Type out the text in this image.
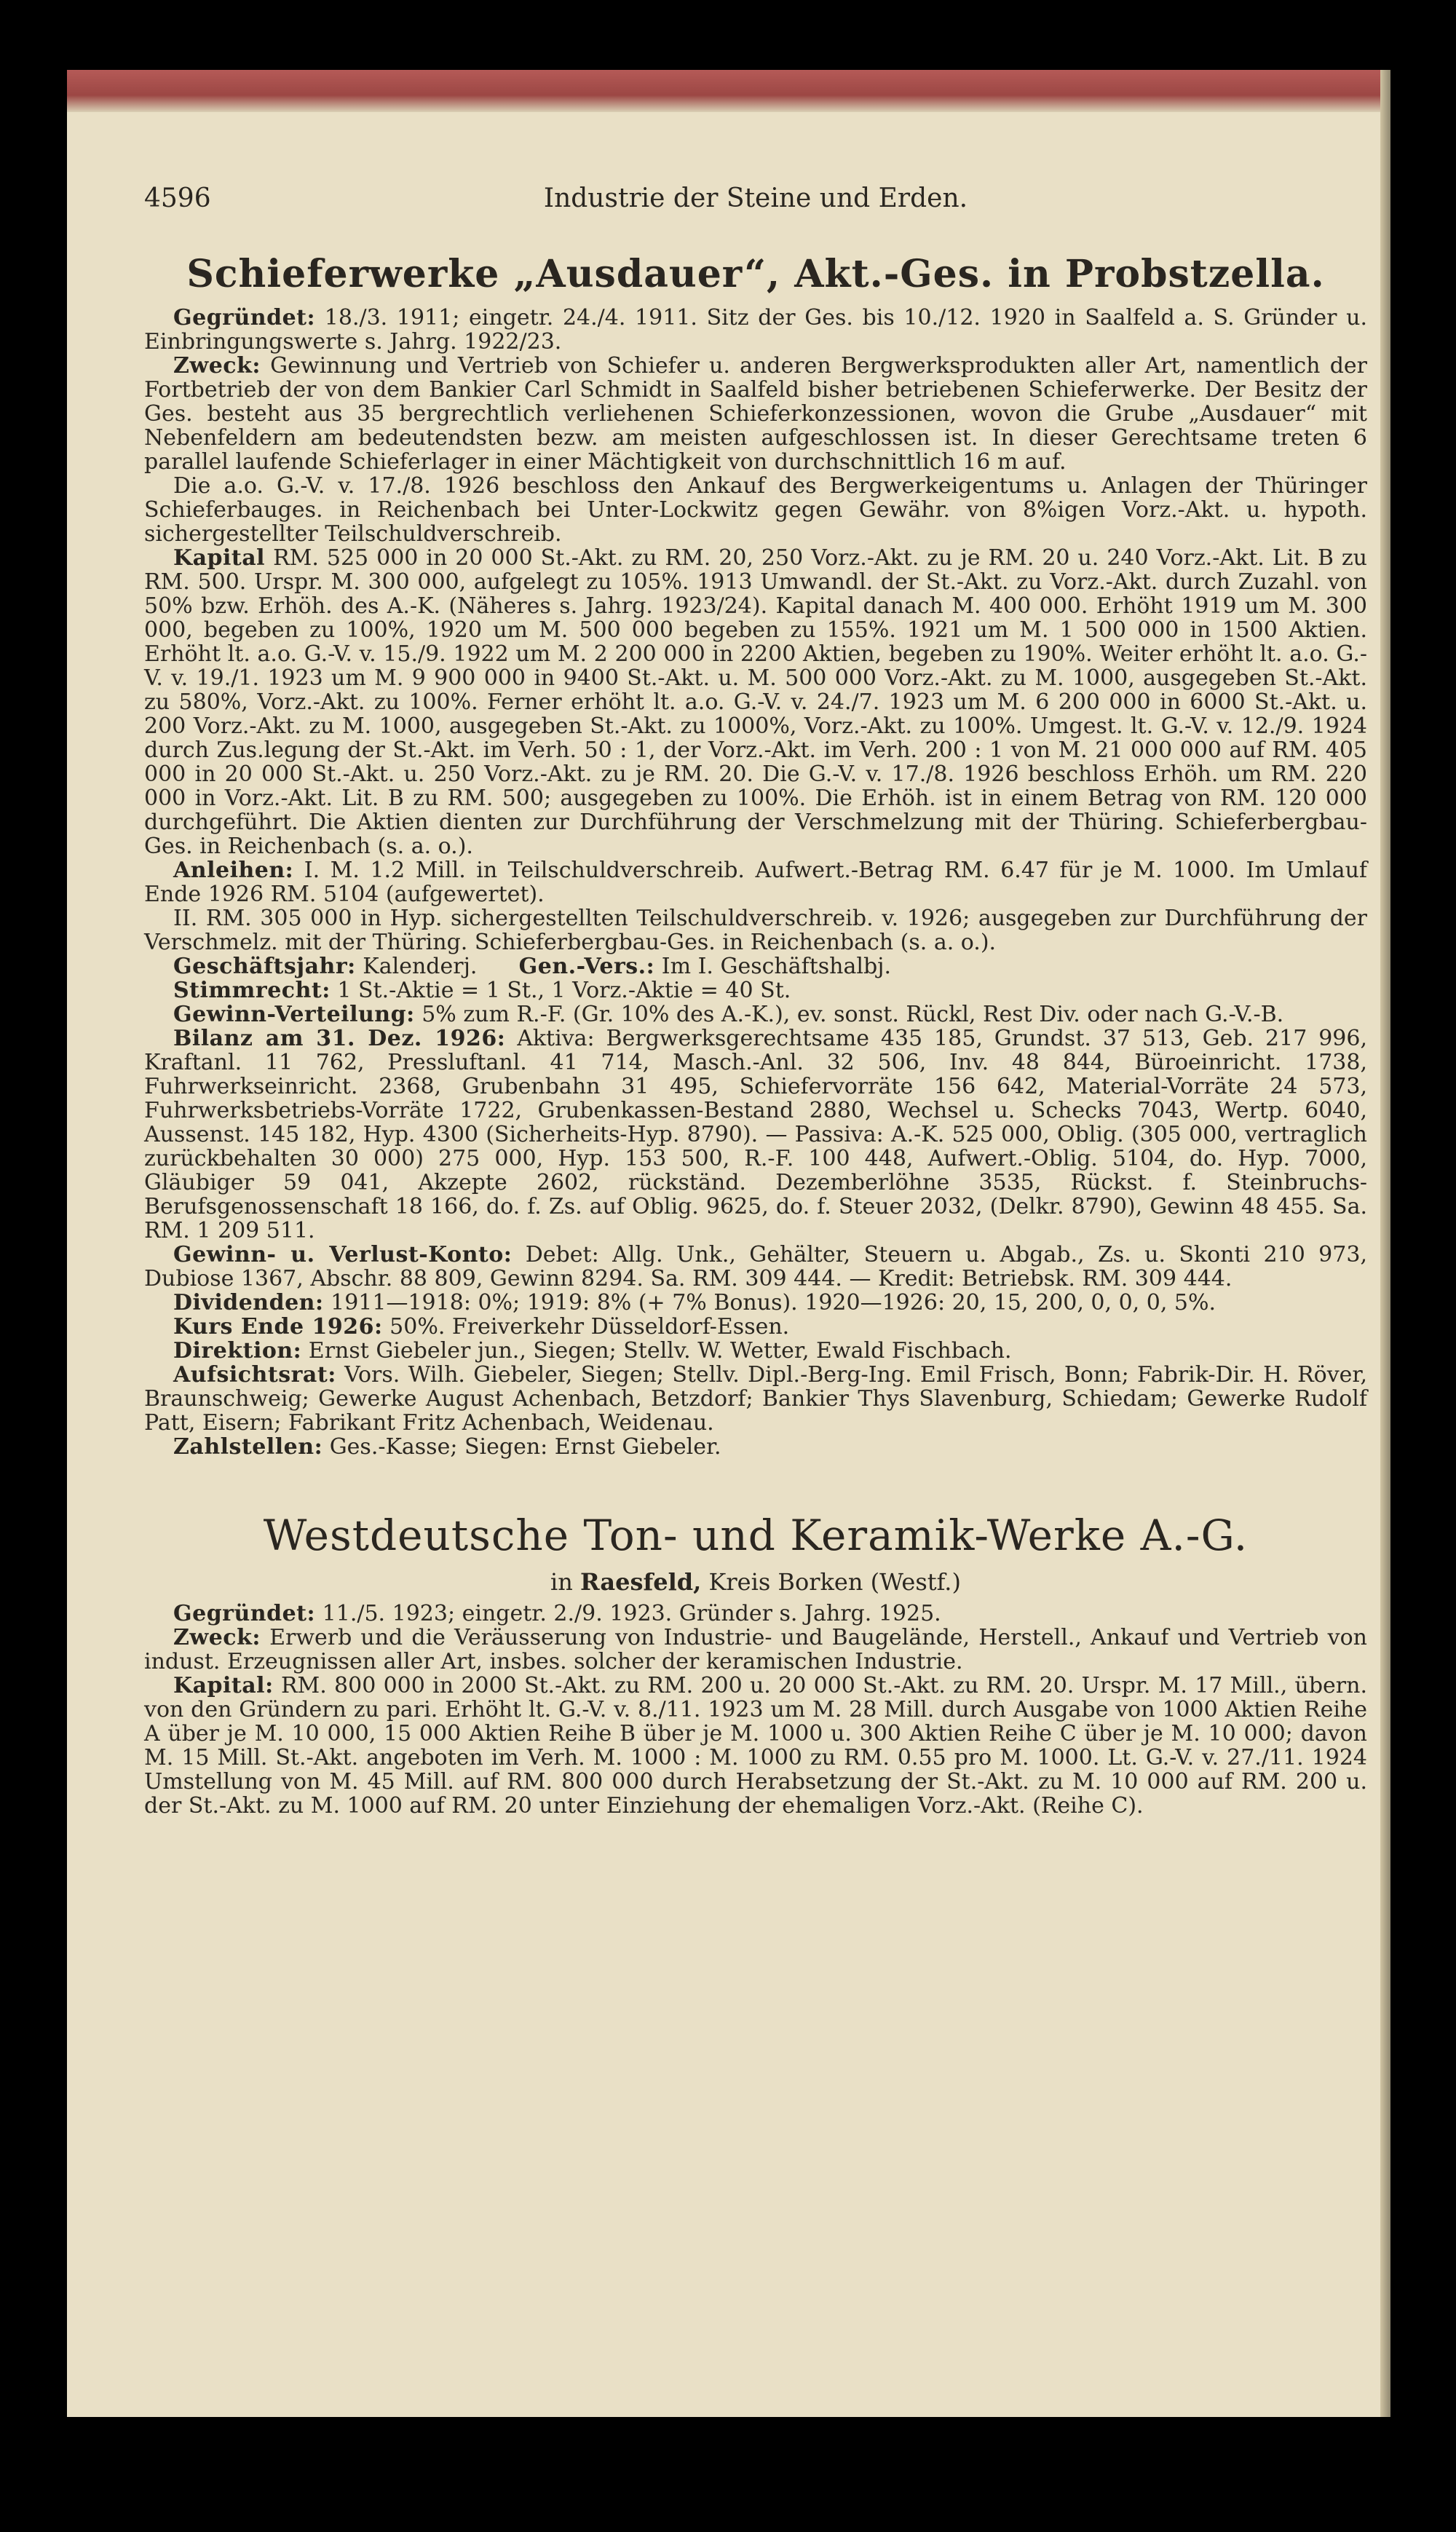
4596	Industrie der Steine und Erden.
Schieferwerke „Ausdauer“, Akt.-Ges. in Probstzella.

Gegründet: 18./3. 1911; eingetr. 24./4. 1911. Sitz der Ges. bis 10./12. 1920 in Saalfeld a. S. Gründer u. Einbringungswerte s. Jahrg. 1922/23.

Zweck: Gewinnung und Vertrieb von Schiefer u. anderen Bergwerksprodukten aller Art, namentlich der Fortbetrieb der von dem Bankier Carl Schmidt in Saalfeld bisher betriebenen Schieferwerke. Der Besitz der Ges. besteht aus 35 bergrechtlich verliehenen Schieferkonzessionen, wovon die Grube „Ausdauer“ mit Nebenfeldern am bedeutendsten bezw. am meisten aufgeschlossen ist. In dieser Gerechtsame treten 6 parallel laufende Schieferlager in einer Mächtigkeit von durchschnittlich 16 m auf.

Die a.o. G.-V. v. 17./8. 1926 beschloss den Ankauf des Bergwerkeigentums u. Anlagen der Thüringer Schieferbauges. in Reichenbach bei Unter-Lockwitz gegen Gewähr. von 8%igen Vorz.-Akt. u. hypoth. sichergestellter Teilschuldverschreib.

Kapital RM. 525 000 in 20 000 St.-Akt. zu RM. 20, 250 Vorz.-Akt. zu je RM. 20 u. 240 Vorz.-Akt. Lit. B zu RM. 500. Urspr. M. 300 000, aufgelegt zu 105%. 1913 Umwandl. der St.-Akt. zu Vorz.-Akt. durch Zuzahl. von 50% bzw. Erhöh. des A.-K. (Näheres s. Jahrg. 1923/24). Kapital danach M. 400 000. Erhöht 1919 um M. 300 000, begeben zu 100%, 1920 um M. 500 000 begeben zu 155%. 1921 um M. 1 500 000 in 1500 Aktien. Erhöht lt. a.o. G.-V. v. 15./9. 1922 um M. 2 200 000 in 2200 Aktien, begeben zu 190%. Weiter erhöht lt. a.o. G.-V. v. 19./1. 1923 um M. 9 900 000 in 9400 St.-Akt. u. M. 500 000 Vorz.-Akt. zu M. 1000, ausgegeben St.-Akt. zu 580%, Vorz.-Akt. zu 100%. Ferner erhöht lt. a.o. G.-V. v. 24./7. 1923 um M. 6 200 000 in 6000 St.-Akt. u. 200 Vorz.-Akt. zu M. 1000, ausgegeben St.-Akt. zu 1000%, Vorz.-Akt. zu 100%. Umgest. lt. G.-V. v. 12./9. 1924 durch Zus.legung der St.-Akt. im Verh. 50 : 1, der Vorz.-Akt. im Verh. 200 : 1 von M. 21 000 000 auf RM. 405 000 in 20 000 St.-Akt. u. 250 Vorz.-Akt. zu je RM. 20. Die G.-V. v. 17./8. 1926 beschloss Erhöh. um RM. 220 000 in Vorz.-Akt. Lit. B zu RM. 500; ausgegeben zu 100%. Die Erhöh. ist in einem Betrag von RM. 120 000 durchgeführt. Die Aktien dienten zur Durchführung der Verschmelzung mit der Thüring. Schieferbergbau-Ges. in Reichenbach (s. a. o.).

Anleihen: I. M. 1.2 Mill. in Teilschuldverschreib. Aufwert.-Betrag RM. 6.47 für je M. 1000. Im Umlauf Ende 1926 RM. 5104 (aufgewertet).

II. RM. 305 000 in Hyp. sichergestellten Teilschuldverschreib. v. 1926; ausgegeben zur Durchführung der Verschmelz. mit der Thüring. Schieferbergbau-Ges. in Reichenbach (s. a. o.).

Geschäftsjahr: Kalenderj. Gen.-Vers.: Im I. Geschäftshalbj.

Stimmrecht: 1 St.-Aktie = 1 St., 1 Vorz.-Aktie = 40 St.

Gewinn-Verteilung: 5% zum R.-F. (Gr. 10% des A.-K.), ev. sonst. Rückl, Rest Div. oder nach G.-V.-B.

Bilanz am 31. Dez. 1926: Aktiva: Bergwerksgerechtsame 435 185, Grundst. 37 513, Geb. 217 996, Kraftanl. 11 762, Pressluftanl. 41 714, Masch.-Anl. 32 506, Inv. 48 844, Büroeinricht. 1738, Fuhrwerkseinricht. 2368, Grubenbahn 31 495, Schiefervorräte 156 642, Material-Vorräte 24 573, Fuhrwerksbetriebs-Vorräte 1722, Grubenkassen-Bestand 2880, Wechsel u. Schecks 7043, Wertp. 6040, Aussenst. 145 182, Hyp. 4300 (Sicherheits-Hyp. 8790). — Passiva: A.-K. 525 000, Oblig. (305 000, vertraglich zurückbehalten 30 000) 275 000, Hyp. 153 500, R.-F. 100 448, Aufwert.-Oblig. 5104, do. Hyp. 7000, Gläubiger 59 041, Akzepte 2602, rückständ. Dezemberlöhne 3535, Rückst. f. Steinbruchs-Berufsgenossenschaft 18 166, do. f. Zs. auf Oblig. 9625, do. f. Steuer 2032, (Delkr. 8790), Gewinn 48 455. Sa. RM. 1 209 511.

Gewinn- u. Verlust-Konto: Debet: Allg. Unk., Gehälter, Steuern u. Abgab., Zs. u. Skonti 210 973, Dubiose 1367, Abschr. 88 809, Gewinn 8294. Sa. RM. 309 444. — Kredit: Betriebsk. RM. 309 444.

Dividenden: 1911—1918: 0%; 1919: 8% (+ 7% Bonus). 1920—1926: 20, 15, 200, 0, 0, 0, 5%.

Kurs Ende 1926: 50%. Freiverkehr Düsseldorf-Essen.

Direktion: Ernst Giebeler jun., Siegen; Stellv. W. Wetter, Ewald Fischbach.

Aufsichtsrat: Vors. Wilh. Giebeler, Siegen; Stellv. Dipl.-Berg-Ing. Emil Frisch, Bonn; Fabrik-Dir. H. Röver, Braunschweig; Gewerke August Achenbach, Betzdorf; Bankier Thys Slavenburg, Schiedam; Gewerke Rudolf Patt, Eisern; Fabrikant Fritz Achenbach, Weidenau.

Zahlstellen: Ges.-Kasse; Siegen: Ernst Giebeler.

Westdeutsche Ton- und Keramik-Werke A.-G.
in Raesfeld, Kreis Borken (Westf.)

Gegründet: 11./5. 1923; eingetr. 2./9. 1923. Gründer s. Jahrg. 1925.

Zweck: Erwerb und die Veräusserung von Industrie- und Baugelände, Herstell., Ankauf und Vertrieb von indust. Erzeugnissen aller Art, insbes. solcher der keramischen Industrie.

Kapital: RM. 800 000 in 2000 St.-Akt. zu RM. 200 u. 20 000 St.-Akt. zu RM. 20. Urspr. M. 17 Mill., übern. von den Gründern zu pari. Erhöht lt. G.-V. v. 8./11. 1923 um M. 28 Mill. durch Ausgabe von 1000 Aktien Reihe A über je M. 10 000, 15 000 Aktien Reihe B über je M. 1000 u. 300 Aktien Reihe C über je M. 10 000; davon M. 15 Mill. St.-Akt. angeboten im Verh. M. 1000 : M. 1000 zu RM. 0.55 pro M. 1000. Lt. G.-V. v. 27./11. 1924 Umstellung von M. 45 Mill. auf RM. 800 000 durch Herabsetzung der St.-Akt. zu M. 10 000 auf RM. 200 u. der St.-Akt. zu M. 1000 auf RM. 20 unter Einziehung der ehemaligen Vorz.-Akt. (Reihe C).
